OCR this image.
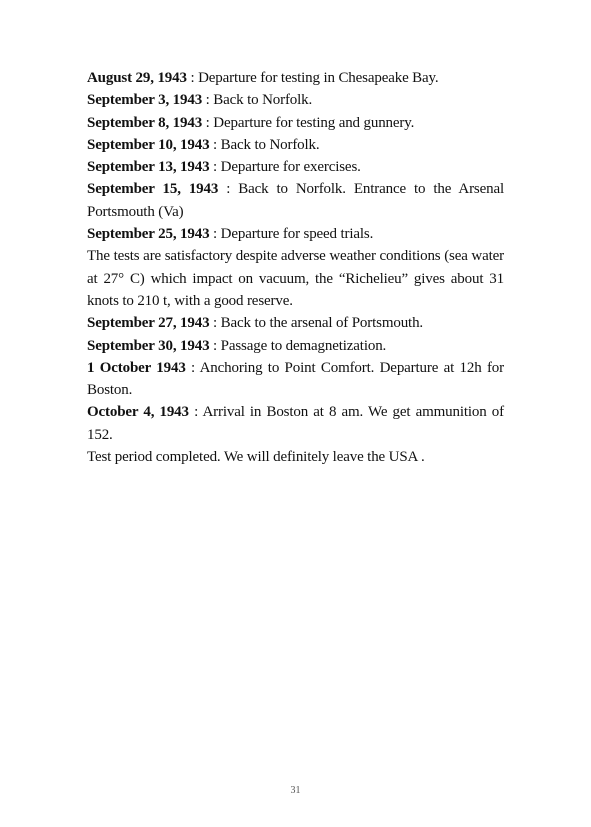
August 29, 1943 : Departure for testing in Chesapeake Bay.

September 3, 1943 : Back to Norfolk.

September 8, 1943 : Departure for testing and gunnery.

September 10, 1943 : Back to Norfolk.

September 13, 1943 : Departure for exercises.

September 15, 1943 : Back to Norfolk. Entrance to the Arsenal Portsmouth (Va)

September 25, 1943 : Departure for speed trials.

The tests are satisfactory despite adverse weather conditions (sea water at 27° C) which impact on vacuum, the “Richelieu” gives about 31 knots to 210 t, with a good reserve.

September 27, 1943 : Back to the arsenal of Portsmouth.

September 30, 1943 : Passage to demagnetization.

1 October 1943 : Anchoring to Point Comfort. Departure at 12h for Boston.

October 4, 1943 : Arrival in Boston at 8 am. We get ammunition of 152.

Test period completed. We will definitely leave the USA .

31
